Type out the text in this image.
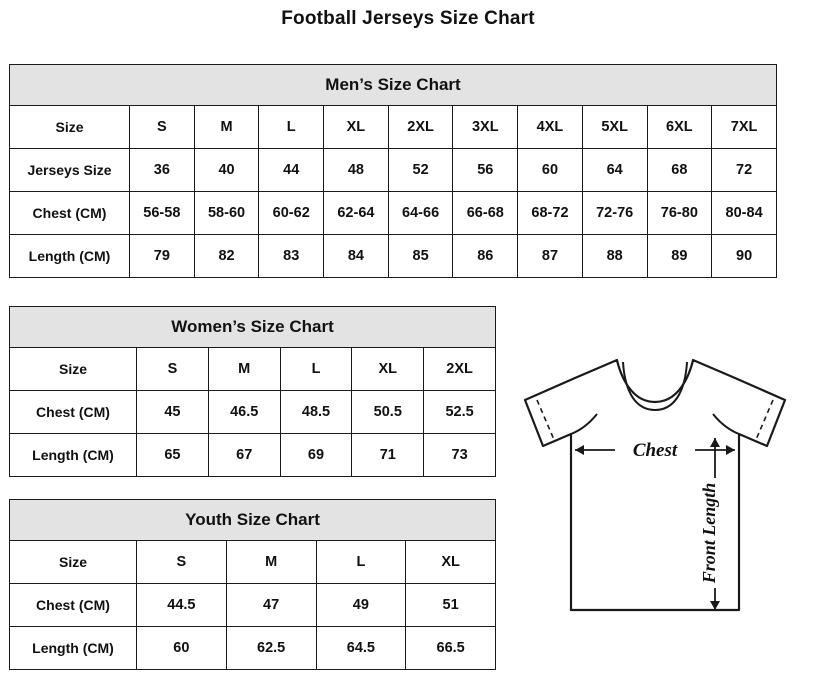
Football Jerseys Size Chart
Men’s Size Chart										
Size	S	M	L	XL	2XL	3XL	4XL	5XL	6XL	7XL
Jerseys Size	36	40	44	48	52	56	60	64	68	72
Chest (CM)	56-58	58-60	60-62	62-64	64-66	66-68	68-72	72-76	76-80	80-84
Length (CM)	79	82	83	84	85	86	87	88	89	90
Women’s Size Chart					
Size	S	M	L	XL	2XL
Chest (CM)	45	46.5	48.5	50.5	52.5
Length (CM)	65	67	69	71	73
Youth Size Chart				
Size	S	M	L	XL
Chest (CM)	44.5	47	49	51
Length (CM)	60	62.5	64.5	66.5
Chest
Front Length
